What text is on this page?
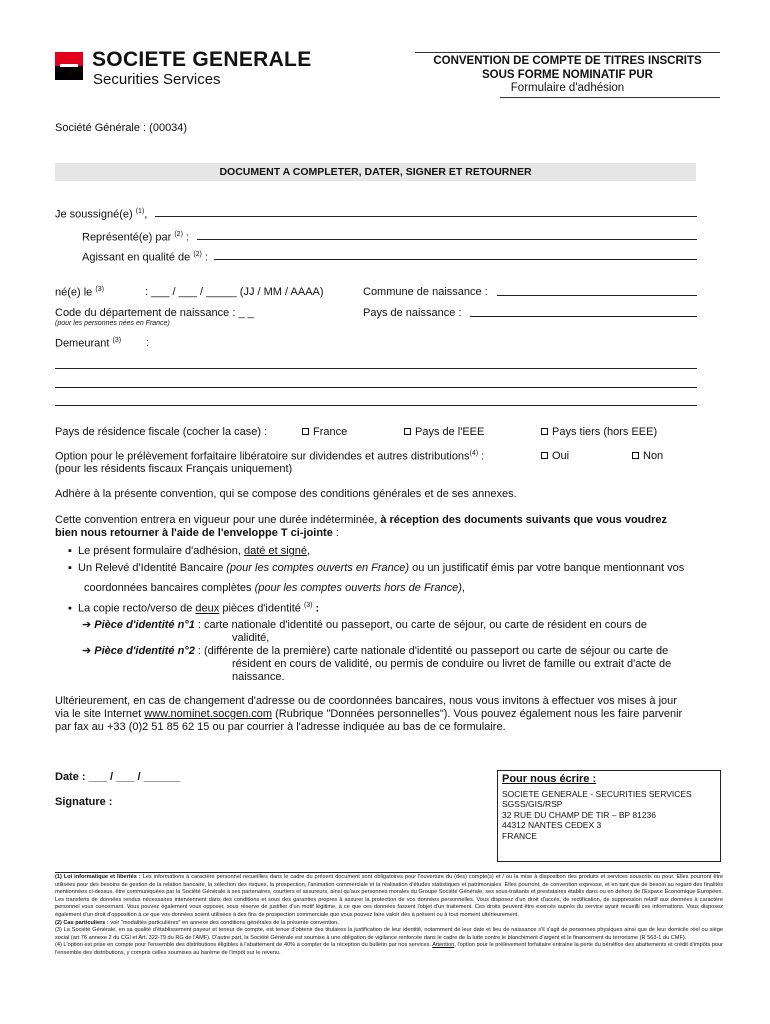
SOCIETE GENERALE
Securities Services
CONVENTION DE COMPTE DE TITRES INSCRITS
SOUS FORME NOMINATIF PUR
Formulaire d'adhésion
Société Générale : (00034)
DOCUMENT A COMPLETER, DATER, SIGNER ET RETOURNER
Je soussigné(e) $^{(1)}$,
Représenté(e) par $^{(2)}$ :
Agissant en qualité de $^{(2)}$ :
né(e) le $^{(3)}$	: ___ / ___ / _____ (JJ / MM / AAAA)	Commune de naissance :
Code du département de naissance : _ _
(pour les personnes nées en France)
Pays de naissance :
Demeurant $^{(3)}$ :
Pays de résidence fiscale (cocher la case) :	France	Pays de l'EEE	Pays tiers (hors EEE)
Option pour le prélèvement forfaitaire libératoire sur dividendes et autres distributions$^{(4)}$ :
(pour les résidents fiscaux Français uniquement)
Oui	Non
Adhère à la présente convention, qui se compose des conditions générales et de ses annexes.
Cette convention entrera en vigueur pour une durée indéterminée, à réception des documents suivants que vous voudrez
bien nous retourner à l'aide de l'enveloppe T ci-jointe :
▪  Le présent formulaire d'adhésion, daté et signé,
▪  Un Relevé d'Identité Bancaire (pour les comptes ouverts en France) ou un justificatif émis par votre banque mentionnant vos
coordonnées bancaires complètes (pour les comptes ouverts hors de France),
▪  La copie recto/verso de deux pièces d'identité $^{(3)}$ :
➔ Pièce d'identité n°1 : carte nationale d'identité ou passeport, ou carte de séjour, ou carte de résident en cours de
validité,
➔ Pièce d'identité n°2 : (différente de la première) carte nationale d'identité ou passeport ou carte de séjour ou carte de
résident en cours de validité, ou permis de conduire ou livret de famille ou extrait d'acte de
naissance.
Ultérieurement, en cas de changement d'adresse ou de coordonnées bancaires, nous vous invitons à effectuer vos mises à jour
via le site Internet www.nominet.socgen.com (Rubrique "Données personnelles"). Vous pouvez également nous les faire parvenir
par fax au +33 (0)2 51 85 62 15 ou par courrier à l'adresse indiquée au bas de ce formulaire.
Date : ___ / ___ / ______
Signature :
Pour nous écrire :
SOCIETE GENERALE - SECURITIES SERVICES
SGSS/GIS/RSP
32 RUE DU CHAMP DE TIR – BP 81236
44312 NANTES CEDEX 3
FRANCE
(1) Loi informatique et libertés : Les informations à caractère personnel recueillies dans le cadre du présent document sont obligatoires pour l'ouverture du (des) compte(s) et / ou la mise à disposition des produits et services souscrits ou pour. Elles pourront être utilisées pour des besoins de gestion de la relation bancaire, la sélection des risques, la prospection, l'animation commerciale et la réalisation d'études statistiques et patrimoniales. Elles pourront, de convention expresse, et en tant que de besoin au regard des finalités mentionnées ci-dessus, être communiquées par la Société Générale à ses partenaires, courtiers et assureurs, ainsi qu'aux personnes morales du Groupe Société Générale, ses sous-traitants et prestataires établis dans ou en dehors de l'Espace Économique Européen. Les transferts de données rendus nécessaires interviennent dans des conditions et sous des garanties propres à assurer la protection de vos données personnelles. Vous disposez d'un droit d'accès, de rectification, de suppression relatif aux données à caractère personnel vous concernant. Vous pouvez également vous opposer, sous réserve de justifier d'un motif légitime, à ce que ces données fassent l'objet d'un traitement. Ces droits peuvent être exercés auprès du service ayant recueilli ces informations. Vous disposez également d'un droit d'opposition à ce que vos données soient utilisées à des fins de prospection commerciale que vous pouvez faire valoir dès à présent ou à tout moment ultérieurement.
(2) Cas particuliers : voir "modalités particulières" en annexe des conditions générales de la présente convention.
(3) La Société Générale, en sa qualité d'établissement payeur et teneur de compte, est tenue d'obtenir des titulaires la justification de leur identité, notamment de leur date et lieu de naissance s'il s'agit de personnes physiques ainsi que de leur domicile réel ou siège social (art 76 annexe 2 du CGI et Art. 322-79 du RG de l'AMF). D'autre part, la Société Générale est soumise à une obligation de vigilance renforcée dans le cadre de la lutte contre le blanchiment d'argent et le financement du terrorisme (R 563-1 du CMF).
(4) L'option est prise en compte pour l'ensemble des distributions éligibles à l'abattement de 40% à compter de la réception du bulletin par nos services. Attention, l'option pour le prélèvement forfaitaire entraine la perte du bénéfice des abattements et crédit d'impôts pour l'ensemble des distributions, y compris celles soumises au barème de l'impôt sur le revenu.
